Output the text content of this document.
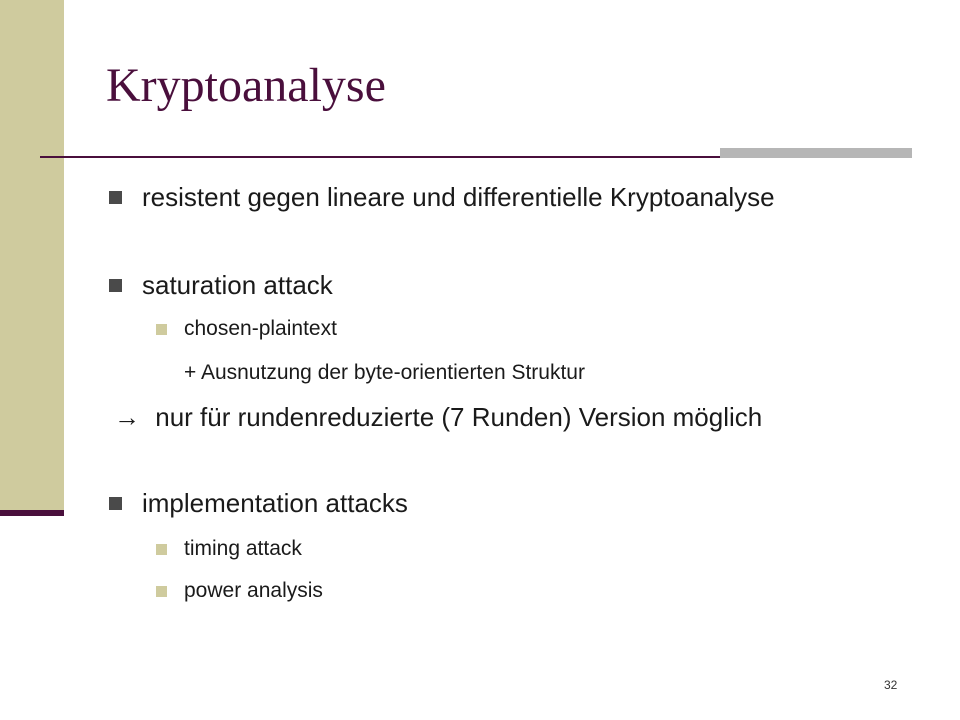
Kryptoanalyse
resistent gegen lineare und differentielle Kryptoanalyse
saturation attack
chosen-plaintext
+ Ausnutzung der byte-orientierten Struktur
→ nur für rundenreduzierte (7 Runden) Version möglich
implementation attacks
timing attack
power analysis
32
